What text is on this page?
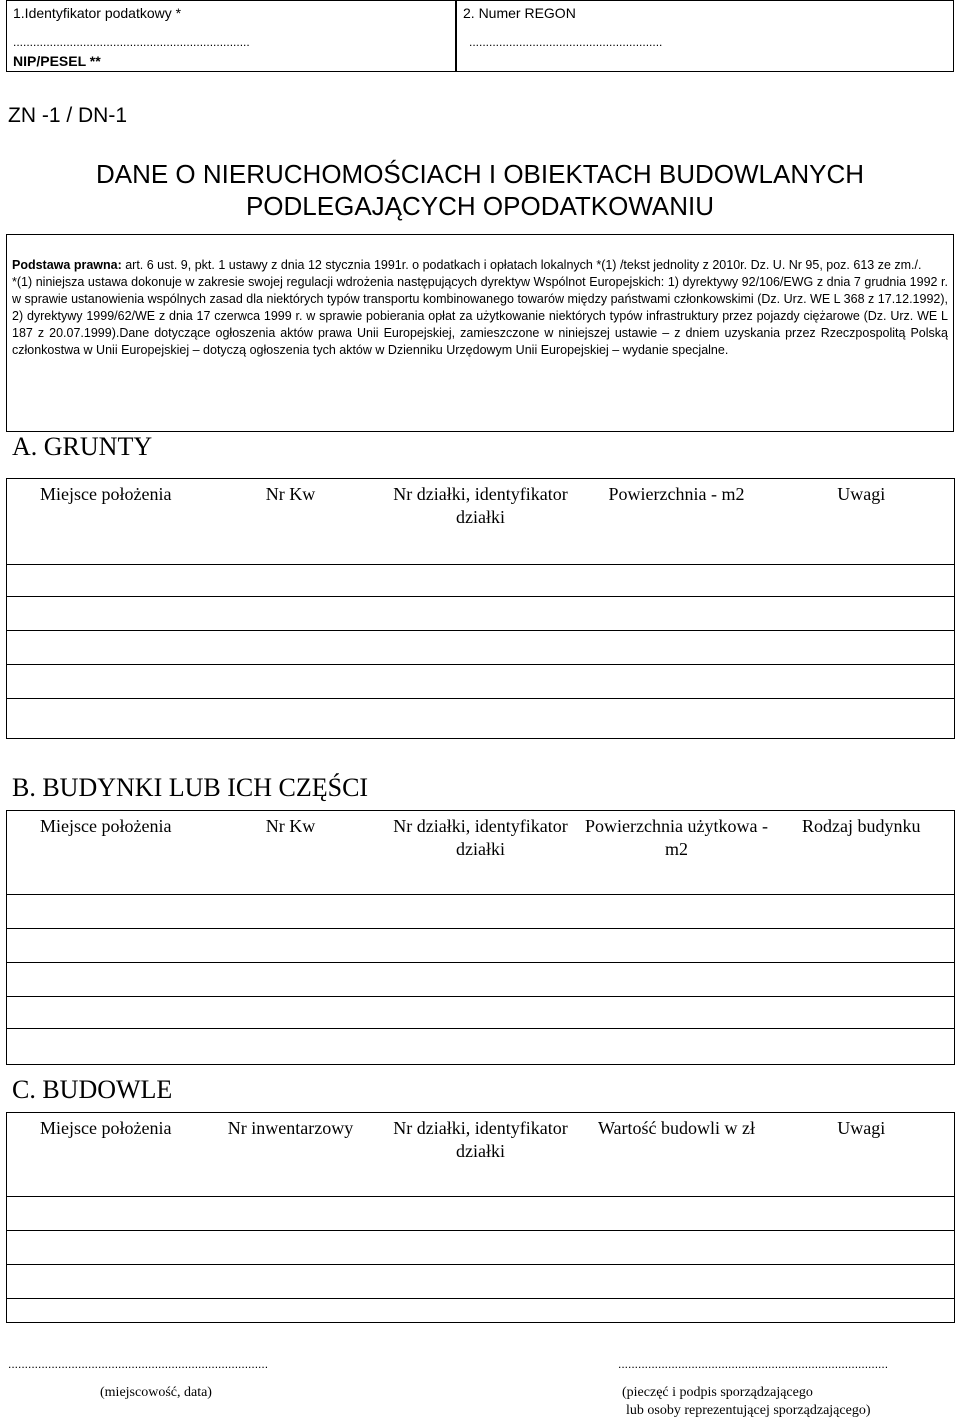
1.Identyfikator podatkowy *
.......................................................................
NIP/PESEL **
2. Numer REGON
..........................................................
ZN -1 / DN-1
DANE O NIERUCHOMOŚCIACH I OBIEKTACH BUDOWLANYCH
PODLEGAJĄCYCH OPODATKOWANIU

Podstawa prawna: art. 6 ust. 9, pkt. 1 ustawy z dnia 12 stycznia 1991r. o podatkach i opłatach lokalnych *(1) /tekst jednolity z 2010r. Dz. U. Nr 95, poz. 613 ze zm./.

*(1) niniejsza ustawa dokonuje w zakresie swojej regulacji wdrożenia następujących dyrektyw Wspólnot Europejskich: 1) dyrektywy 92/106/EWG z dnia 7 grudnia 1992 r. w sprawie ustanowienia wspólnych zasad dla niektórych typów transportu kombinowanego towarów między państwami członkowskimi (Dz. Urz. WE L 368 z 17.12.1992), 2) dyrektywy 1999/62/WE z dnia 17 czerwca 1999 r. w sprawie pobierania opłat za użytkowanie niektórych typów infrastruktury przez pojazdy ciężarowe (Dz. Urz. WE L 187 z 20.07.1999).Dane dotyczące ogłoszenia aktów prawa Unii Europejskiej, zamieszczone w niniejszej ustawie – z dniem uzyskania przez Rzeczpospolitą Polską członkostwa w Unii Europejskiej – dotyczą ogłoszenia tych aktów w Dzienniku Urzędowym Unii Europejskiej – wydanie specjalne.

A. GRUNTY
Miejsce położenia	Nr Kw	Nr działki, identyfikator działki	Powierzchnia - m2	Uwagi

B. BUDYNKI LUB ICH CZĘŚCI
Miejsce położenia	Nr Kw	Nr działki, identyfikator działki	Powierzchnia użytkowa - m2	Rodzaj budynku

C. BUDOWLE
Miejsce położenia	Nr inwentarzowy	Nr działki, identyfikator działki	Wartość budowli w zł	Uwagi

..............................................................................
(miejscowość, data)
.................................................................................
(pieczęć i podpis sporządzającego
lub osoby reprezentującej sporządzającego)
